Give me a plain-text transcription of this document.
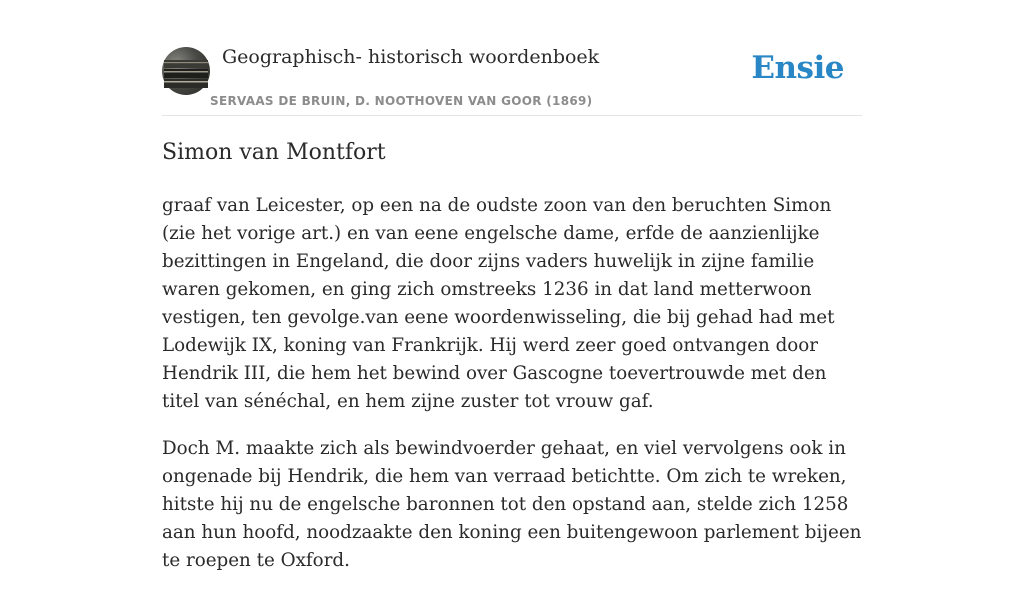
Geographisch- historisch woordenboek
SERVAAS DE BRUIN, D. NOOTHOVEN VAN GOOR (1869)
Ensie
Simon van Montfort

graaf van Leicester, op een na de oudste zoon van den beruchten Simon (zie het vorige art.) en van eene engelsche dame, erfde de aanzienlijke bezittingen in Engeland, die door zijns vaders huwelijk in zijne familie waren gekomen, en ging zich omstreeks 1236 in dat land metterwoon vestigen, ten gevolge.van eene woordenwisseling, die bij gehad had met Lodewijk IX, koning van Frankrijk. Hij werd zeer goed ontvangen door Hendrik III, die hem het bewind over Gascogne toevertrouwde met den titel van sénéchal, en hem zijne zuster tot vrouw gaf.

Doch M. maakte zich als bewindvoerder gehaat, en viel vervolgens ook in ongenade bij Hendrik, die hem van verraad betichtte. Om zich te wreken, hitste hij nu de engelsche baronnen tot den opstand aan, stelde zich 1258 aan hun hoofd, noodzaakte den koning een buitengewoon parlement bijeen te roepen te Oxford.
